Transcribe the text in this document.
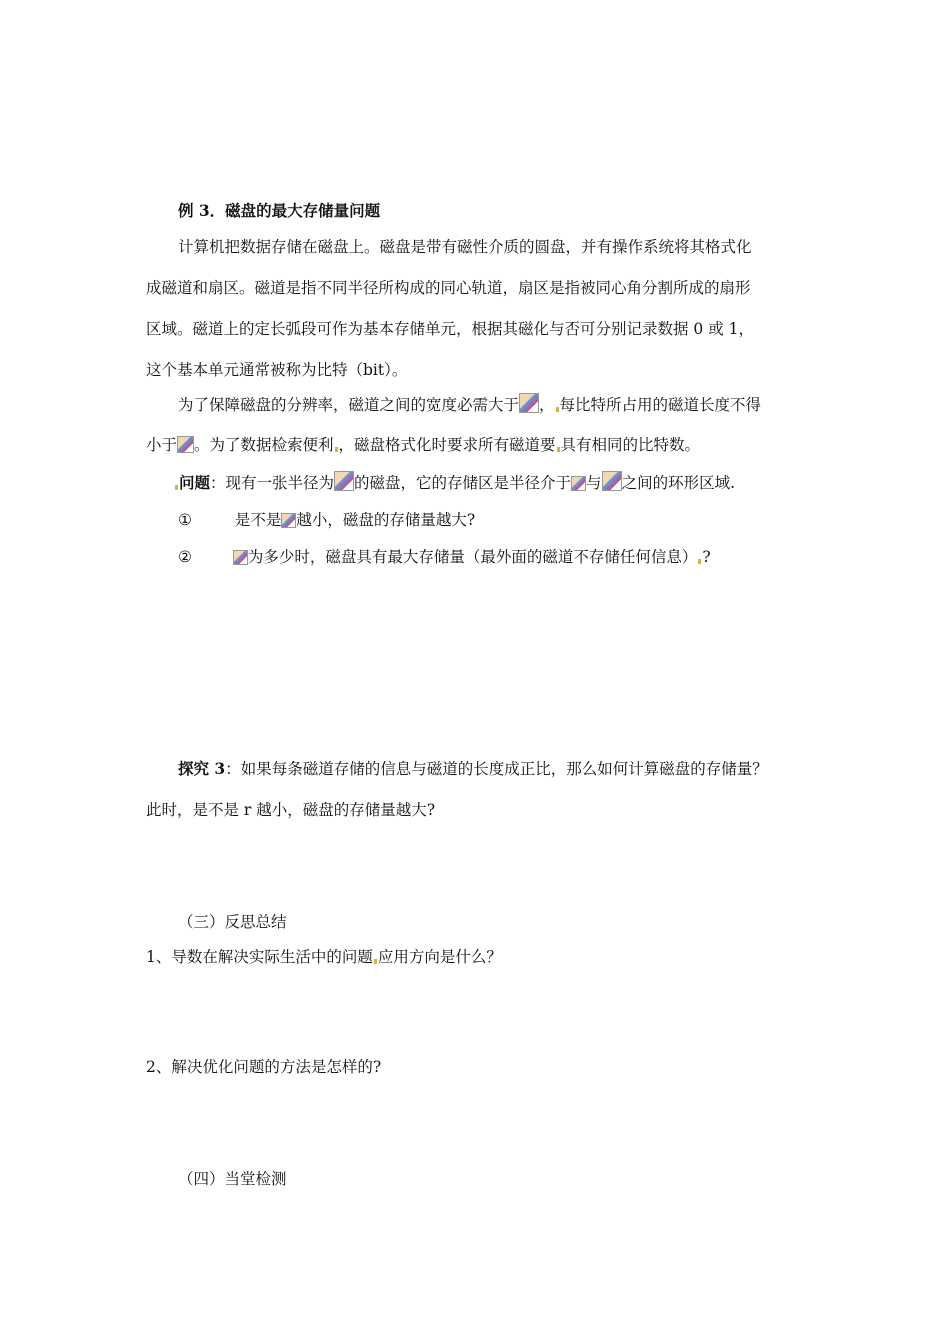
例 3．磁盘的最大存储量问题
计算机把数据存储在磁盘上。磁盘是带有磁性介质的圆盘，并有操作系统将其格式化
成磁道和扇区。磁道是指不同半径所构成的同心轨道，扇区是指被同心角分割所成的扇形
区域。磁道上的定长弧段可作为基本存储单元，根据其磁化与否可分别记录数据 0 或 1，
这个基本单元通常被称为比特（bit）。
为了保障磁盘的分辨率，磁道之间的宽度必需大于 ， 每比特所占用的磁道长度不得
小于 。为了数据检索便利 ，磁盘格式化时要求所有磁道要 具有相同的比特数。
问题：现有一张半径为 的磁盘，它的存储区是半径介于 与 之间的环形区域.
①	是不是 越小，磁盘的存储量越大?
②	为多少时，磁盘具有最大存储量（最外面的磁道不存储任何信息） ?
探究 3：如果每条磁道存储的信息与磁道的长度成正比，那么如何计算磁盘的存储量？
此时，是不是 r 越小，磁盘的存储量越大?
（三）反思总结
1、导数在解决实际生活中的问题 应用方向是什么？
2、解决优化问题的方法是怎样的?
（四）当堂检测
